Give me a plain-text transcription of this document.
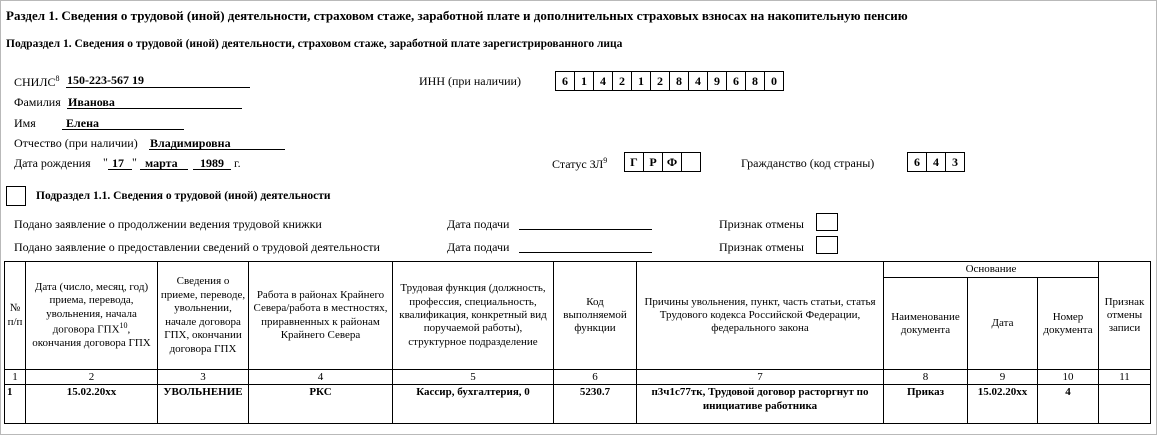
Раздел 1. Сведения о трудовой (иной) деятельности, страховом стаже, заработной плате и дополнительных страховых взносах на накопительную пенсию
Подраздел 1. Сведения о трудовой (иной) деятельности, страховом стаже, заработной плате зарегистрированного лица
СНИЛС$^8$ 150-223-567 19	ИНН (при наличии)	6	1	4	2	1	2	8	4	9	6	8	0
Фамилия Иванова
Имя	Елена
Отчество (при наличии) Владимировна
Дата рождения " 17 " марта 1989 г.	Статус $ЗЛ^9$	Г Р Ф	Гражданство (код страны)	6	4	3
Подраздел 1.1. Сведения о трудовой (иной) деятельности
Подано заявление о продолжении ведения трудовой книжки	Дата подачи	Признак отмены
Подано заявление о предоставлении сведений о трудовой деятельности	Дата подачи	Признак отмены
№ п/п	Дата (число, месяц, год) приема, перевода, увольнения, начала договора ГПХ$^{10}$, окончания договора ГПХ	Сведения о приеме, переводе, увольнении, начале договора ГПХ, окончании договора ГПХ	Работа в районах Крайнего Севера/работа в местностях, приравненных к районам Крайнего Севера	Трудовая функция (должность, профессия, специальность, квалификация, конкретный вид поручаемой работы), структурное подразделение	Код выполняемой функции	Причины увольнения, пункт, часть статьи, статья Трудового кодекса Российской Федерации, федерального закона	Основание			Признак отмены записи
							Наименование документа	Дата	Номер документа	
1	2	3	4	5	6	7	8	9	10	11
1	15.02.20хх	УВОЛЬНЕНИЕ	РКС	Кассир, бухгалтерия, 0	5230.7	п3ч1с77тк, Трудовой договор расторгнут по инициативе работника	Приказ	15.02.20хх	4	
